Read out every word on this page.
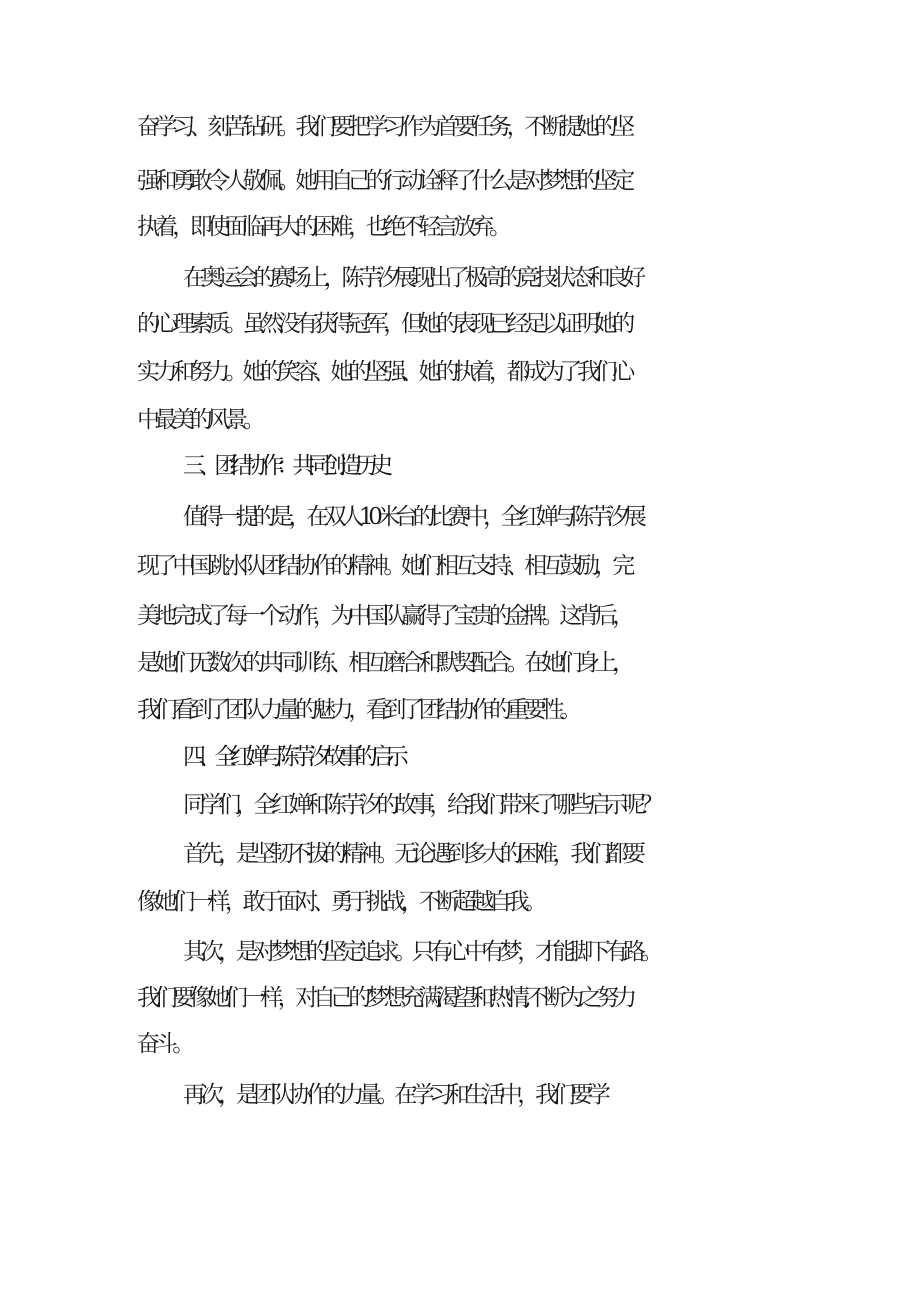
奋学习、刻苦钻研。我们要把学习作为首要任务，不断提她的坚
强和勇敢令人敬佩。她用自己的行动诠释了什么是对梦想的坚定
执着，即使面临再大的困难，也绝不轻言放弃。
在奥运会的赛场上，陈芋汐展现出了极高的竞技状态和良好
的心理素质。虽然没有获得冠军，但她的表现已经足以证明她的
实力和努力。她的笑容、她的坚强、她的执着，都成为了我们心
中最美的风景。
三、团结协作：共同创造历史
值得一提的是，在双人10米台的比赛中，全红婵与陈芋汐展
现了中国跳水队团结协作的精神。她们相互支持、相互鼓励，完
美地完成了每一个动作，为中国队赢得了宝贵的金牌。这背后，
是她们无数次的共同训练、相互磨合和默契配合。在她们身上，
我们看到了团队力量的魅力，看到了团结协作的重要性。
四、全红婵与陈芋汐故事的启示
同学们，全红婵和陈芋汐的故事，给我们带来了哪些启示呢？
首先，是坚韧不拔的精神。无论遇到多大的困难，我们都要
像她们一样，敢于面对、勇于挑战，不断超越自我。
其次，是对梦想的坚定追求。只有心中有梦，才能脚下有路。
我们要像她们一样，对自己的梦想充满渴望和热情,不断为之努力
奋斗。
再次，是团队协作的力量。在学习和生活中，我们要学
